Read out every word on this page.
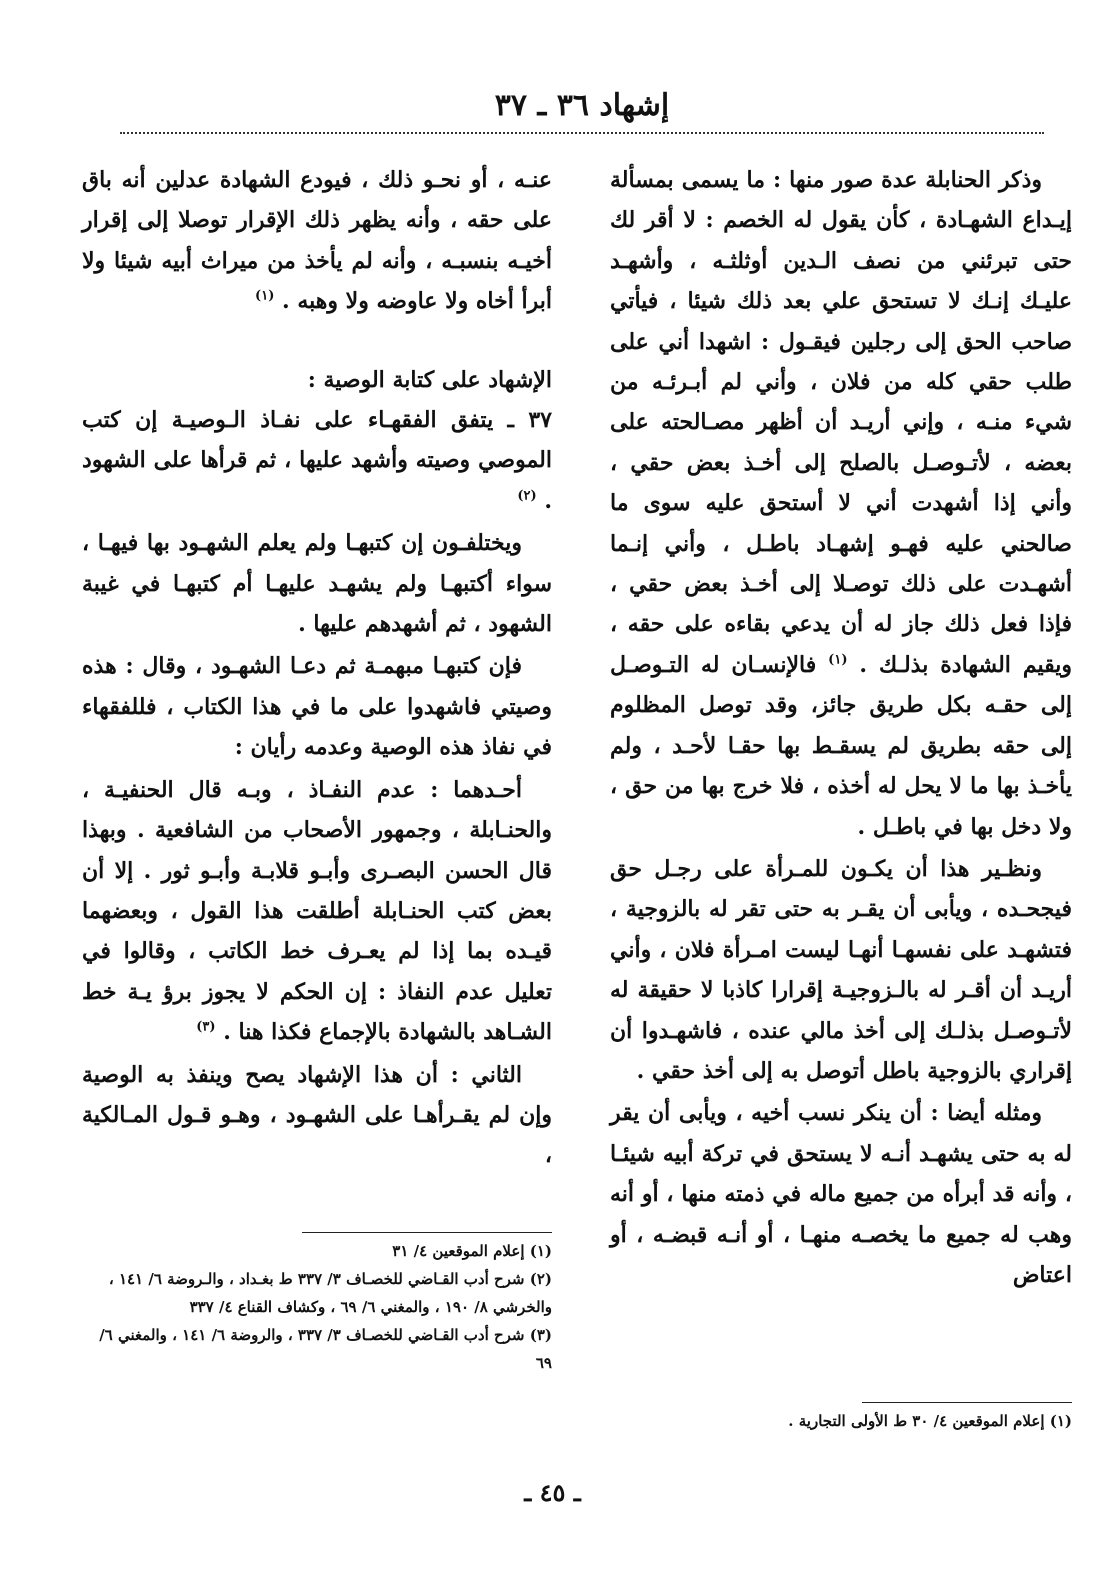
إشهاد ٣٦ ـ ٣٧

وذكر الحنابلة عدة صور منها : ما يسمى بمسألة إيـداع الشهـادة ، كأن يقول له الخصم : لا أقر لك حتى تبرئني من نصف الـدين أوثلثـه ، وأشهـد عليـك إنـك لا تستحق علي بعد ذلك شيئا ، فيأتي صاحب الحق إلى رجلين فيقـول : اشهدا أني على طلب حقي كله من فلان ، وأني لم أبـرئـه من شيء منـه ، وإني أريـد أن أظهر مصـالحته على بعضه ، لأتـوصـل بالصلح إلى أخـذ بعض حقي ، وأني إذا أشهدت أني لا أستحق عليه سوى ما صالحني عليه فهـو إشهـاد باطـل ، وأني إنـما أشهـدت على ذلك توصـلا إلى أخـذ بعض حقي ، فإذا فعل ذلك جاز له أن يدعي بقاءه على حقه ، ويقيم الشهادة بذلـك . $^{(١)}$ فالإنسـان له التـوصـل إلى حقـه بكل طريق جائز، وقد توصل المظلوم إلى حقه بطريق لم يسقـط بها حقـا لأحـد ، ولم يأخـذ بها ما لا يحل له أخذه ، فلا خرج بها من حق ، ولا دخل بها في باطـل .

ونظـير هذا أن يكـون للمـرأة على رجـل حق فيجحـده ، ويأبى أن يقـر به حتى تقر له بالزوجية ، فتشهـد على نفسهـا أنهـا ليست امـرأة فلان ، وأني أريـد أن أقـر له بالـزوجيـة إقرارا كاذبا لا حقيقة له لأتـوصـل بذلـك إلى أخذ مالي عنده ، فاشهـدوا أن إقراري بالزوجية باطل أتوصل به إلى أخذ حقي .

ومثله أيضا : أن ينكر نسب أخيه ، ويأبى أن يقر له به حتى يشهـد أنـه لا يستحق في تركة أبيه شيئـا ، وأنه قد أبرأه من جميع ماله في ذمته منها ، أو أنه وهب له جميع ما يخصـه منهـا ، أو أنـه قبضـه ، أو اعتاض

عنـه ، أو نحـو ذلك ، فيودع الشهادة عدلين أنه باق على حقه ، وأنه يظهر ذلك الإقرار توصلا إلى إقرار أخيـه بنسبـه ، وأنه لم يأخذ من ميراث أبيه شيئا ولا أبرأ أخاه ولا عاوضه ولا وهبه . $^{(١)}$

الإشهاد على كتابة الوصية :

٣٧ ـ يتفق الفقهـاء على نفـاذ الـوصيـة إن كتب الموصي وصيته وأشهد عليها ، ثم قرأها على الشهود . $^{(٢)}$

ويختلفـون إن كتبهـا ولم يعلم الشهـود بها فيهـا ، سواء أكتبهـا ولم يشهـد عليهـا أم كتبهـا في غيبة الشهود ، ثم أشهدهم عليها .

فإن كتبهـا مبهمـة ثم دعـا الشهـود ، وقال : هذه وصيتي فاشهدوا على ما في هذا الكتاب ، فللفقهاء في نفاذ هذه الوصية وعدمه رأيان :

أحـدهما : عدم النفـاذ ، وبـه قال الحنفيـة ، والحنـابلة ، وجمهور الأصحاب من الشافعية . وبهذا قال الحسن البصـرى وأبـو قلابـة وأبـو ثور . إلا أن بعض كتب الحنـابلة أطلقت هذا القول ، وبعضهما قيـده بما إذا لم يعـرف خط الكاتب ، وقالوا في تعليل عدم النفاذ : إن الحكم لا يجوز برؤ يـة خط الشـاهد بالشهادة بالإجماع فكذا هنا . $^{(٣)}$

الثاني : أن هذا الإشهاد يصح وينفذ به الوصية وإن لم يقـرأهـا على الشهـود ، وهـو قـول المـالكية ،

(١) إعلام الموقعين ٤/ ٣١

(٢) شرح أدب القـاضي للخصـاف ٣/ ٣٣٧ ط بغـداد ، والـروضة ٦/ ١٤١ ، والخرشي ٨/ ١٩٠ ، والمغني ٦/ ٦٩ ، وكشاف القناع ٤/ ٣٣٧

(٣) شرح أدب القـاضي للخصـاف ٣/ ٣٣٧ ، والروضة ٦/ ١٤١ ، والمغني ٦/ ٦٩

(١) إعلام الموقعين ٤/ ٣٠ ط الأولى التجارية .

ـ ٤٥ ـ
